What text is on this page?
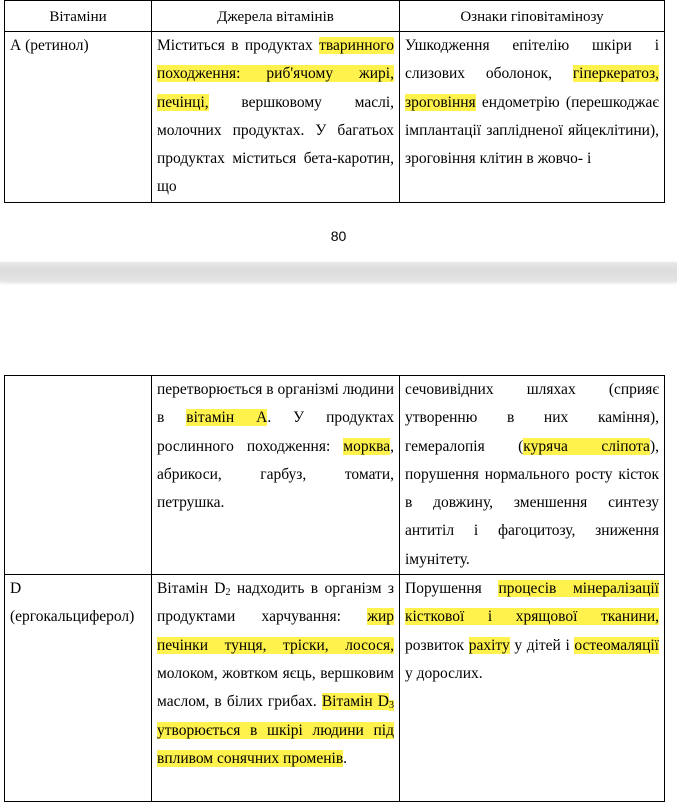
Вітаміни	Джерела вітамінів	Ознаки гіповітамінозу
А (ретинол)	Міститься в продуктах тваринного походження: риб'ячому жирі, печінці, вершковому маслі, молочних продуктах. У багатьох продуктах міститься бета-каротин, що	Ушкодження епітелію шкіри і слизових оболонок, гіперкератоз, зроговіння ендометрію (перешкоджає імплантації заплідненої яйцеклітини), зроговіння клітин в жовчо- і
80
	перетворюється в організмі людини в вітамін А. У продуктах рослинного походження: морква, абрикоси, гарбуз, томати, петрушка.	сечовивідних шляхах (сприяє утворенню в них каміння), гемералопія (куряча сліпота), порушення нормального росту кісток в довжину, зменшення синтезу антитіл і фагоцитозу, зниження імунітету.
D (ергокальциферол)	Вітамін $D_2$ надходить в організм з продуктами харчування: жир печінки тунця, тріски, лосося, молоком, жовтком яєць, вершковим маслом, в білих грибах. Вітамін $D_3$ утворюється в шкірі людини під впливом сонячних променів.	Порушення процесів мінералізації кісткової і хрящової тканини, розвиток рахіту у дітей і остеомаляції у дорослих.
